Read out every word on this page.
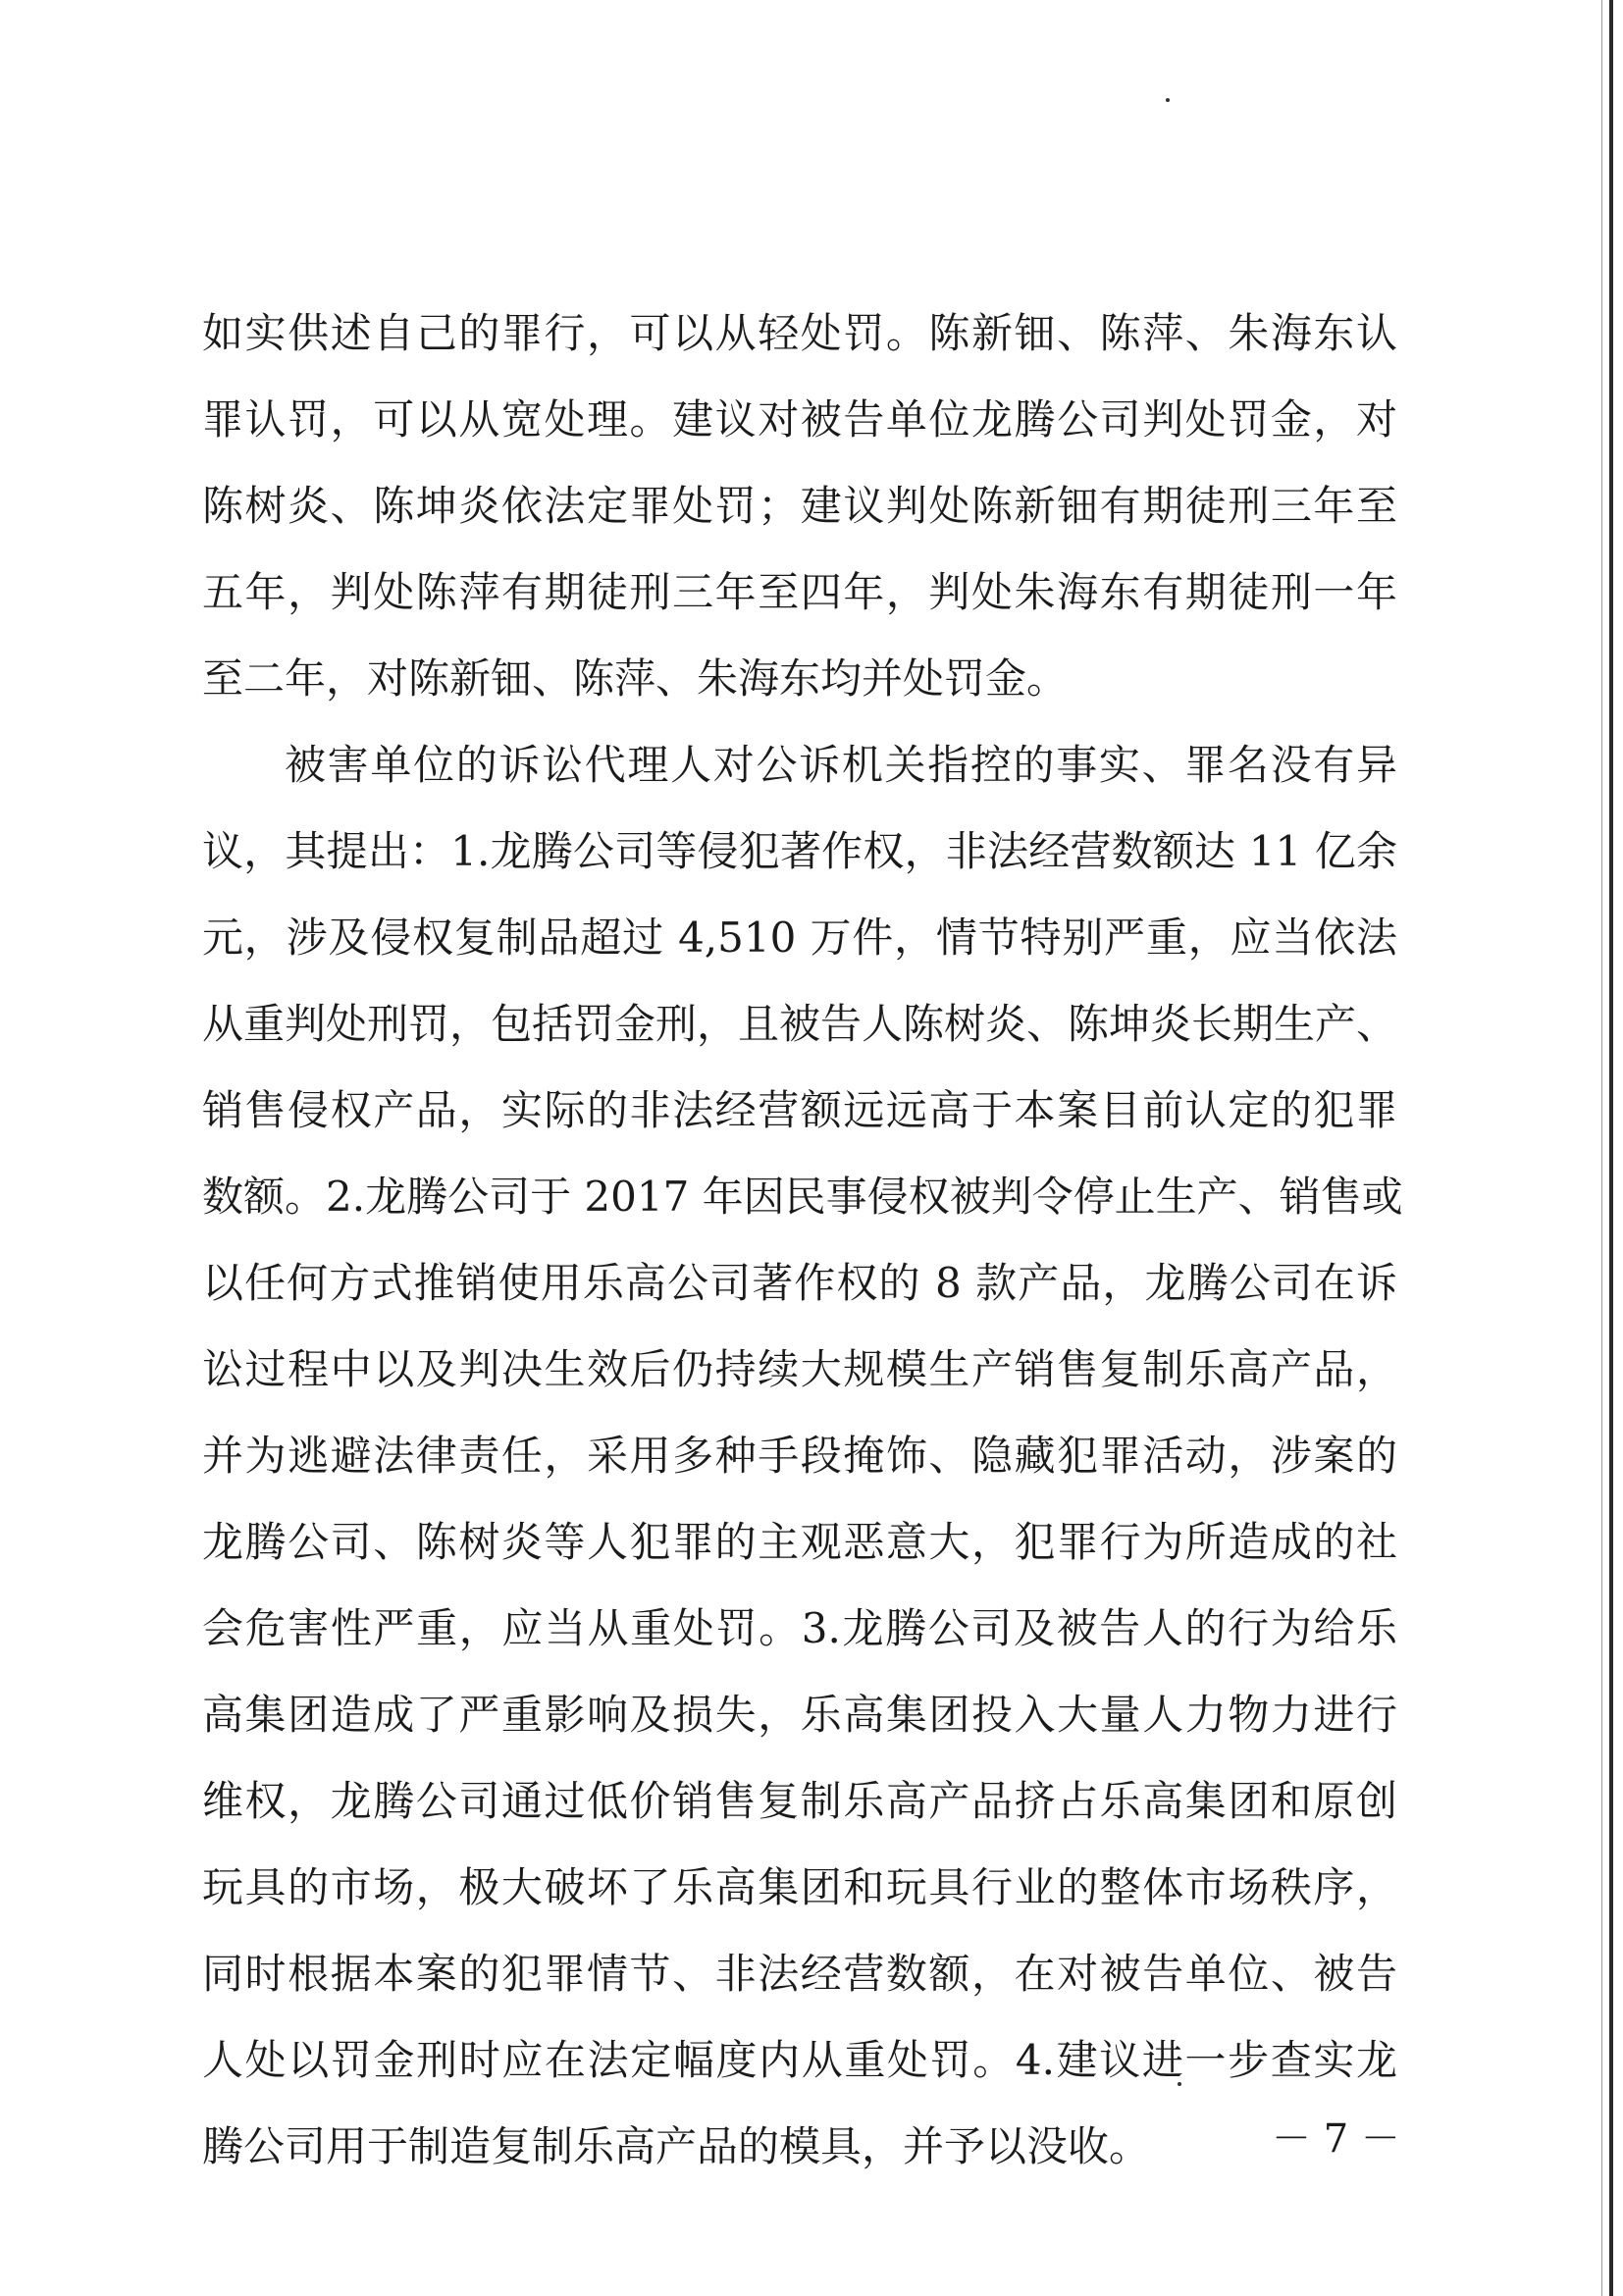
如实供述自己的罪行，可以从轻处罚。陈新钿、陈萍、朱海东认
罪认罚，可以从宽处理。建议对被告单位龙腾公司判处罚金，对
陈树炎、陈坤炎依法定罪处罚；建议判处陈新钿有期徒刑三年至
五年，判处陈萍有期徒刑三年至四年，判处朱海东有期徒刑一年
至二年，对陈新钿、陈萍、朱海东均并处罚金。
被害单位的诉讼代理人对公诉机关指控的事实、罪名没有异
议，其提出：1.龙腾公司等侵犯著作权，非法经营数额达 11 亿余
元，涉及侵权复制品超过 4,510 万件，情节特别严重，应当依法
从重判处刑罚，包括罚金刑，且被告人陈树炎、陈坤炎长期生产、
销售侵权产品，实际的非法经营额远远高于本案目前认定的犯罪
数额。2.龙腾公司于 2017 年因民事侵权被判令停止生产、销售或
以任何方式推销使用乐高公司著作权的 8 款产品，龙腾公司在诉
讼过程中以及判决生效后仍持续大规模生产销售复制乐高产品，
并为逃避法律责任，采用多种手段掩饰、隐藏犯罪活动，涉案的
龙腾公司、陈树炎等人犯罪的主观恶意大，犯罪行为所造成的社
会危害性严重，应当从重处罚。3.龙腾公司及被告人的行为给乐
高集团造成了严重影响及损失，乐高集团投入大量人力物力进行
维权，龙腾公司通过低价销售复制乐高产品挤占乐高集团和原创
玩具的市场，极大破坏了乐高集团和玩具行业的整体市场秩序，
同时根据本案的犯罪情节、非法经营数额，在对被告单位、被告
人处以罚金刑时应在法定幅度内从重处罚。4.建议进一步查实龙
腾公司用于制造复制乐高产品的模具，并予以没收。	－ 7 －
